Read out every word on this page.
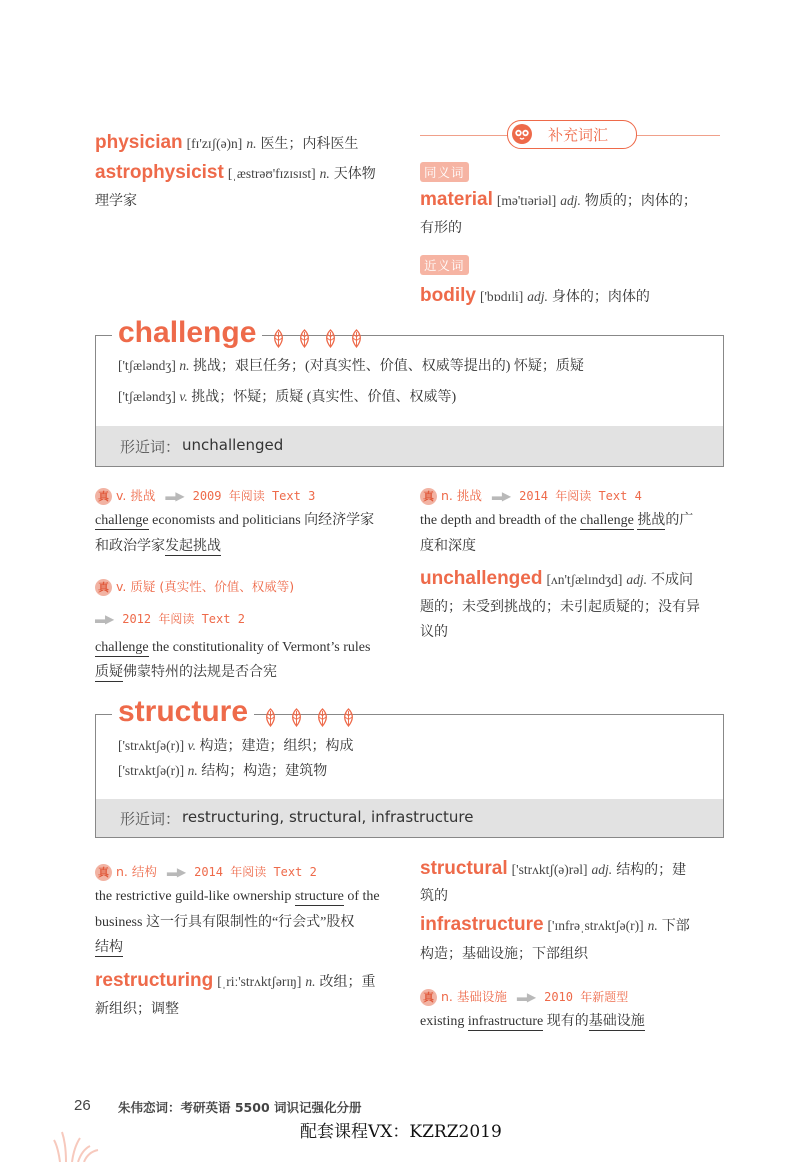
physician [fɪ'zɪʃ(ə)n] n. 医生；内科医生
astrophysicist [ˌæstrəʊ'fɪzɪsɪst] n. 天体物
理学家
补充词汇
同义词
material [mə'tɪəriəl] adj. 物质的；肉体的；
有形的
近义词
bodily ['bɒdɪli] adj. 身体的；肉体的
形近词： unchallenged
challenge
['tʃæləndʒ] n. 挑战；艰巨任务；(对真实性、价值、权威等提出的) 怀疑；质疑
['tʃæləndʒ] v. 挑战；怀疑；质疑 (真实性、价值、权威等)
真 v. 挑战 ▬▶ 2009 年阅读 Text 3
challenge economists and politicians 向经济学家
和政治学家发起挑战
真 v. 质疑 (真实性、价值、权威等)
▬▶ 2012 年阅读 Text 2
challenge the constitutionality of Vermont’s rules
质疑佛蒙特州的法规是否合宪
真 n. 挑战 ▬▶ 2014 年阅读 Text 4
the depth and breadth of the challenge 挑战的广
度和深度
unchallenged [ʌn'tʃælɪndʒd] adj. 不成问
题的；未受到挑战的；未引起质疑的；没有异
议的
形近词： restructuring, structural, infrastructure
structure
['strʌktʃə(r)] v. 构造；建造；组织；构成
['strʌktʃə(r)] n. 结构；构造；建筑物
真 n. 结构 ▬▶ 2014 年阅读 Text 2
the restrictive guild-like ownership structure of the
business 这一行具有限制性的“行会式”股权
结构
restructuring [ˌriː'strʌktʃərɪŋ] n. 改组；重
新组织；调整
structural ['strʌktʃ(ə)rəl] adj. 结构的；建
筑的
infrastructure ['ɪnfrəˌstrʌktʃə(r)] n. 下部
构造；基础设施；下部组织
真 n. 基础设施 ▬▶ 2010 年新题型
existing infrastructure 现有的基础设施
26 朱伟恋词：考研英语 5500 词识记强化分册
配套课程VX：KZRZ2019
